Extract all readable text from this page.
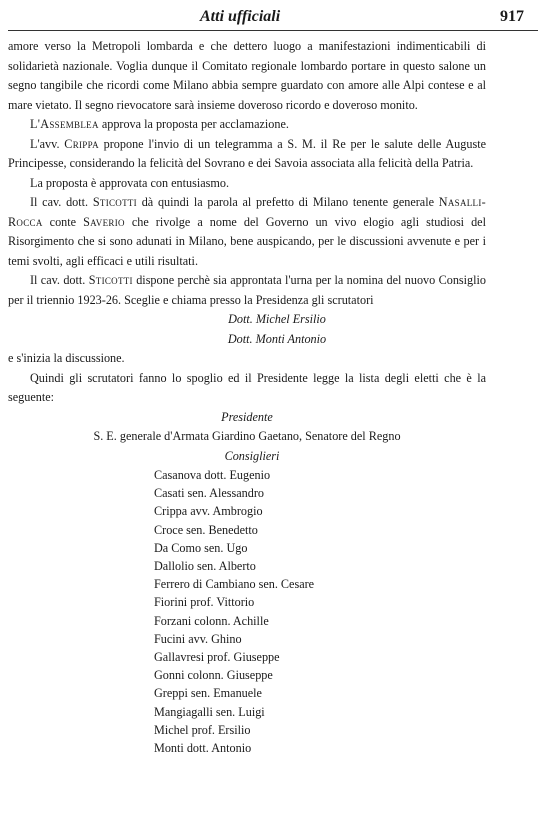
Atti ufficiali	917

amore verso la Metropoli lombarda e che dettero luogo a manifestazioni indimenticabili di solidarietà nazionale. Voglia dunque il Comitato regionale lombardo portare in questo salone un segno tangibile che ricordi come Milano abbia sempre guardato con amore alle Alpi contese e al mare vietato. Il segno rievocatore sarà insieme doveroso ricordo e doveroso monito.

L'Assemblea approva la proposta per acclamazione.

L'avv. Crippa propone l'invio di un telegramma a S. M. il Re per le salute delle Auguste Principesse, considerando la felicità del Sovrano e dei Savoia associata alla felicità della Patria.

La proposta è approvata con entusiasmo.

Il cav. dott. Sticotti dà quindi la parola al prefetto di Milano tenente generale Nasalli-Rocca conte Saverio che rivolge a nome del Governo un vivo elogio agli studiosi del Risorgimento che si sono adunati in Milano, bene auspicando, per le discussioni avvenute e per i temi svolti, agli efficaci e utili risultati.

Il cav. dott. Sticotti dispone perchè sia approntata l'urna per la nomina del nuovo Consiglio per il triennio 1923-26. Sceglie e chiama presso la Presidenza gli scrutatori

Dott. Michel Ersilio

Dott. Monti Antonio

e s'inizia la discussione.

Quindi gli scrutatori fanno lo spoglio ed il Presidente legge la lista degli eletti che è la seguente:

Presidente

S. E. generale d'Armata Giardino Gaetano, Senatore del Regno

Consiglieri

Casanova dott. Eugenio
Casati sen. Alessandro
Crippa avv. Ambrogio
Croce sen. Benedetto
Da Como sen. Ugo
Dallolio sen. Alberto
Ferrero di Cambiano sen. Cesare
Fiorini prof. Vittorio
Forzani colonn. Achille
Fucini avv. Ghino
Gallavresi prof. Giuseppe
Gonni colonn. Giuseppe
Greppi sen. Emanuele
Mangiagalli sen. Luigi
Michel prof. Ersilio
Monti dott. Antonio
